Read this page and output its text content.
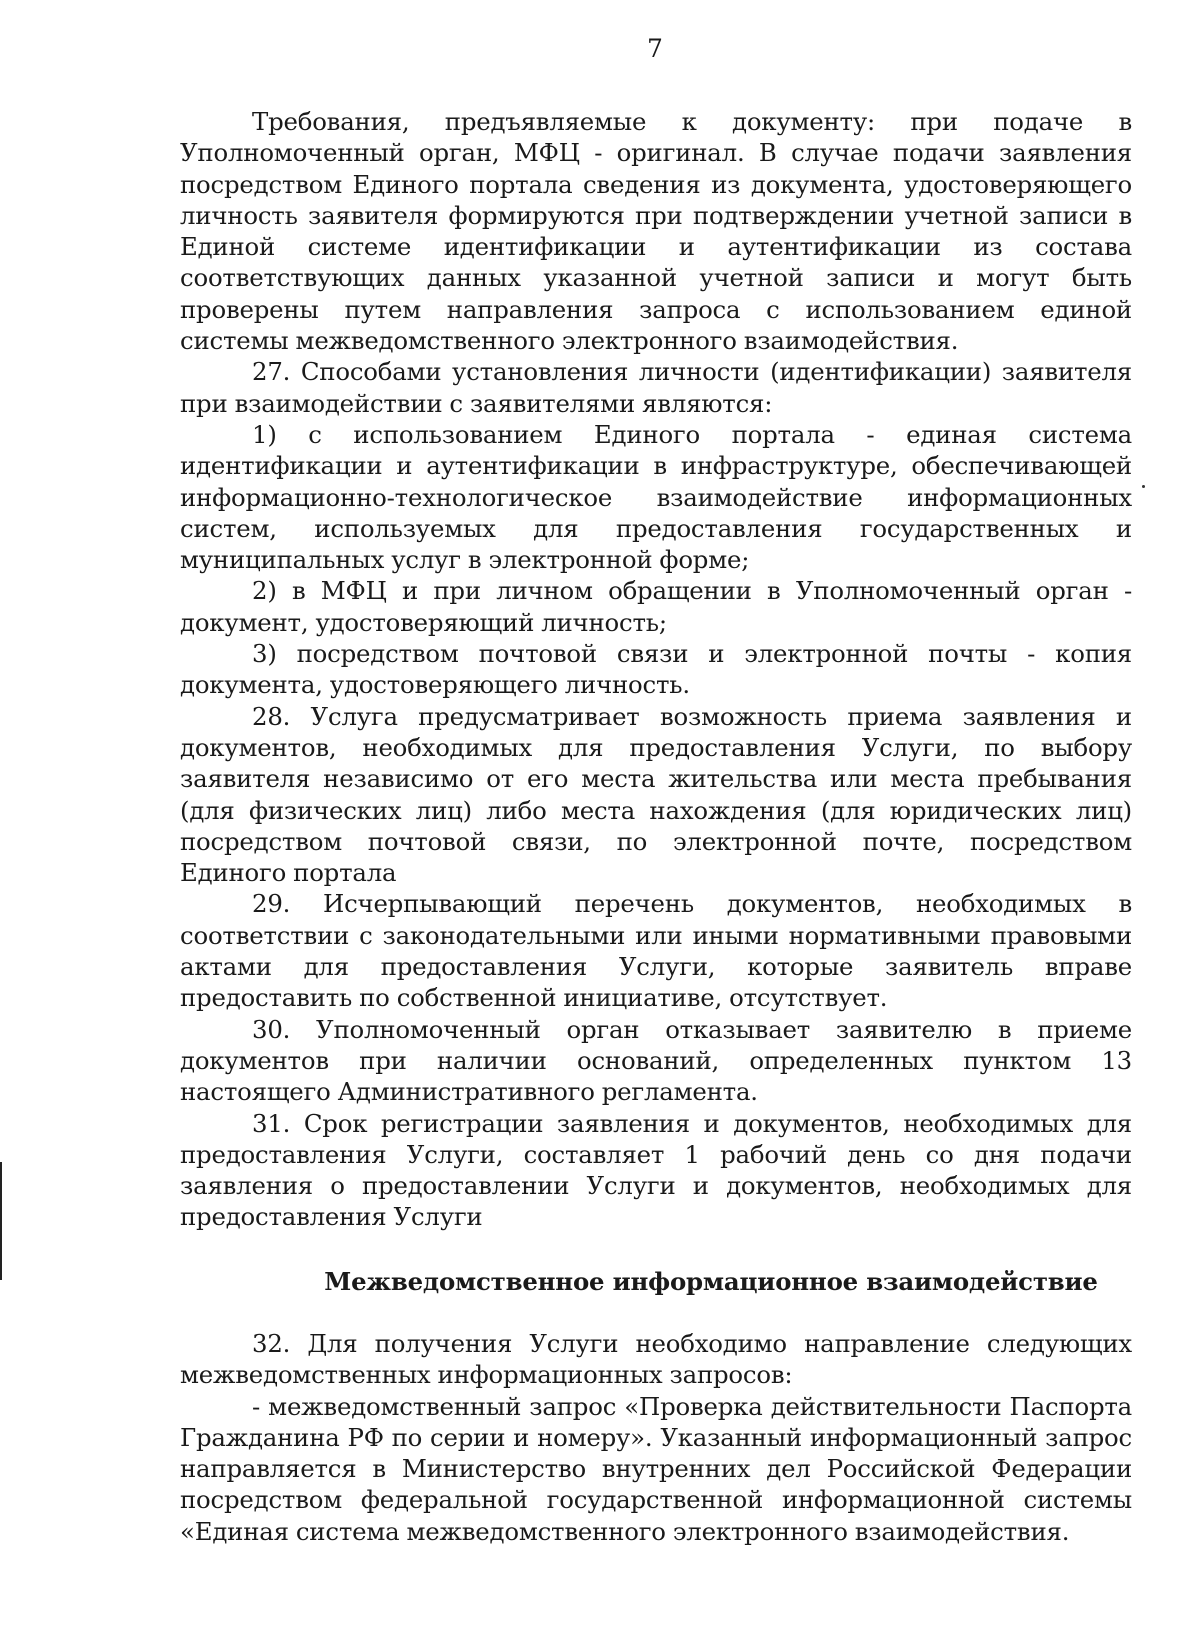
7

Требования, предъявляемые к документу: при подаче в Уполномоченный орган, МФЦ - оригинал. В случае подачи заявления посредством Единого портала сведения из документа, удостоверяющего личность заявителя формируются при подтверждении учетной записи в Единой системе идентификации и аутентификации из состава соответствующих данных указанной учетной записи и могут быть проверены путем направления запроса с использованием единой системы межведомственного электронного взаимодействия.

27. Способами установления личности (идентификации) заявителя при взаимодействии с заявителями являются:

1) с использованием Единого портала - единая система идентификации и аутентификации в инфраструктуре, обеспечивающей информационно-технологическое взаимодействие информационных систем, используемых для предоставления государственных и муниципальных услуг в электронной форме;

2) в МФЦ и при личном обращении в Уполномоченный орган - документ, удостоверяющий личность;

3) посредством почтовой связи и электронной почты - копия документа, удостоверяющего личность.

28. Услуга предусматривает возможность приема заявления и документов, необходимых для предоставления Услуги, по выбору заявителя независимо от его места жительства или места пребывания (для физических лиц) либо места нахождения (для юридических лиц) посредством почтовой связи, по электронной почте, посредством Единого портала

29. Исчерпывающий перечень документов, необходимых в соответствии с законодательными или иными нормативными правовыми актами для предоставления Услуги, которые заявитель вправе предоставить по собственной инициативе, отсутствует.

30. Уполномоченный орган отказывает заявителю в приеме документов при наличии оснований, определенных пунктом 13 настоящего Административного регламента.

31. Срок регистрации заявления и документов, необходимых для предоставления Услуги, составляет 1 рабочий день со дня подачи заявления о предоставлении Услуги и документов, необходимых для предоставления Услуги

Межведомственное информационное взаимодействие

32. Для получения Услуги необходимо направление следующих межведомственных информационных запросов:

- межведомственный запрос «Проверка действительности Паспорта Гражданина РФ по серии и номеру». Указанный информационный запрос направляется в Министерство внутренних дел Российской Федерации посредством федеральной государственной информационной системы «Единая система межведомственного электронного взаимодействия.
